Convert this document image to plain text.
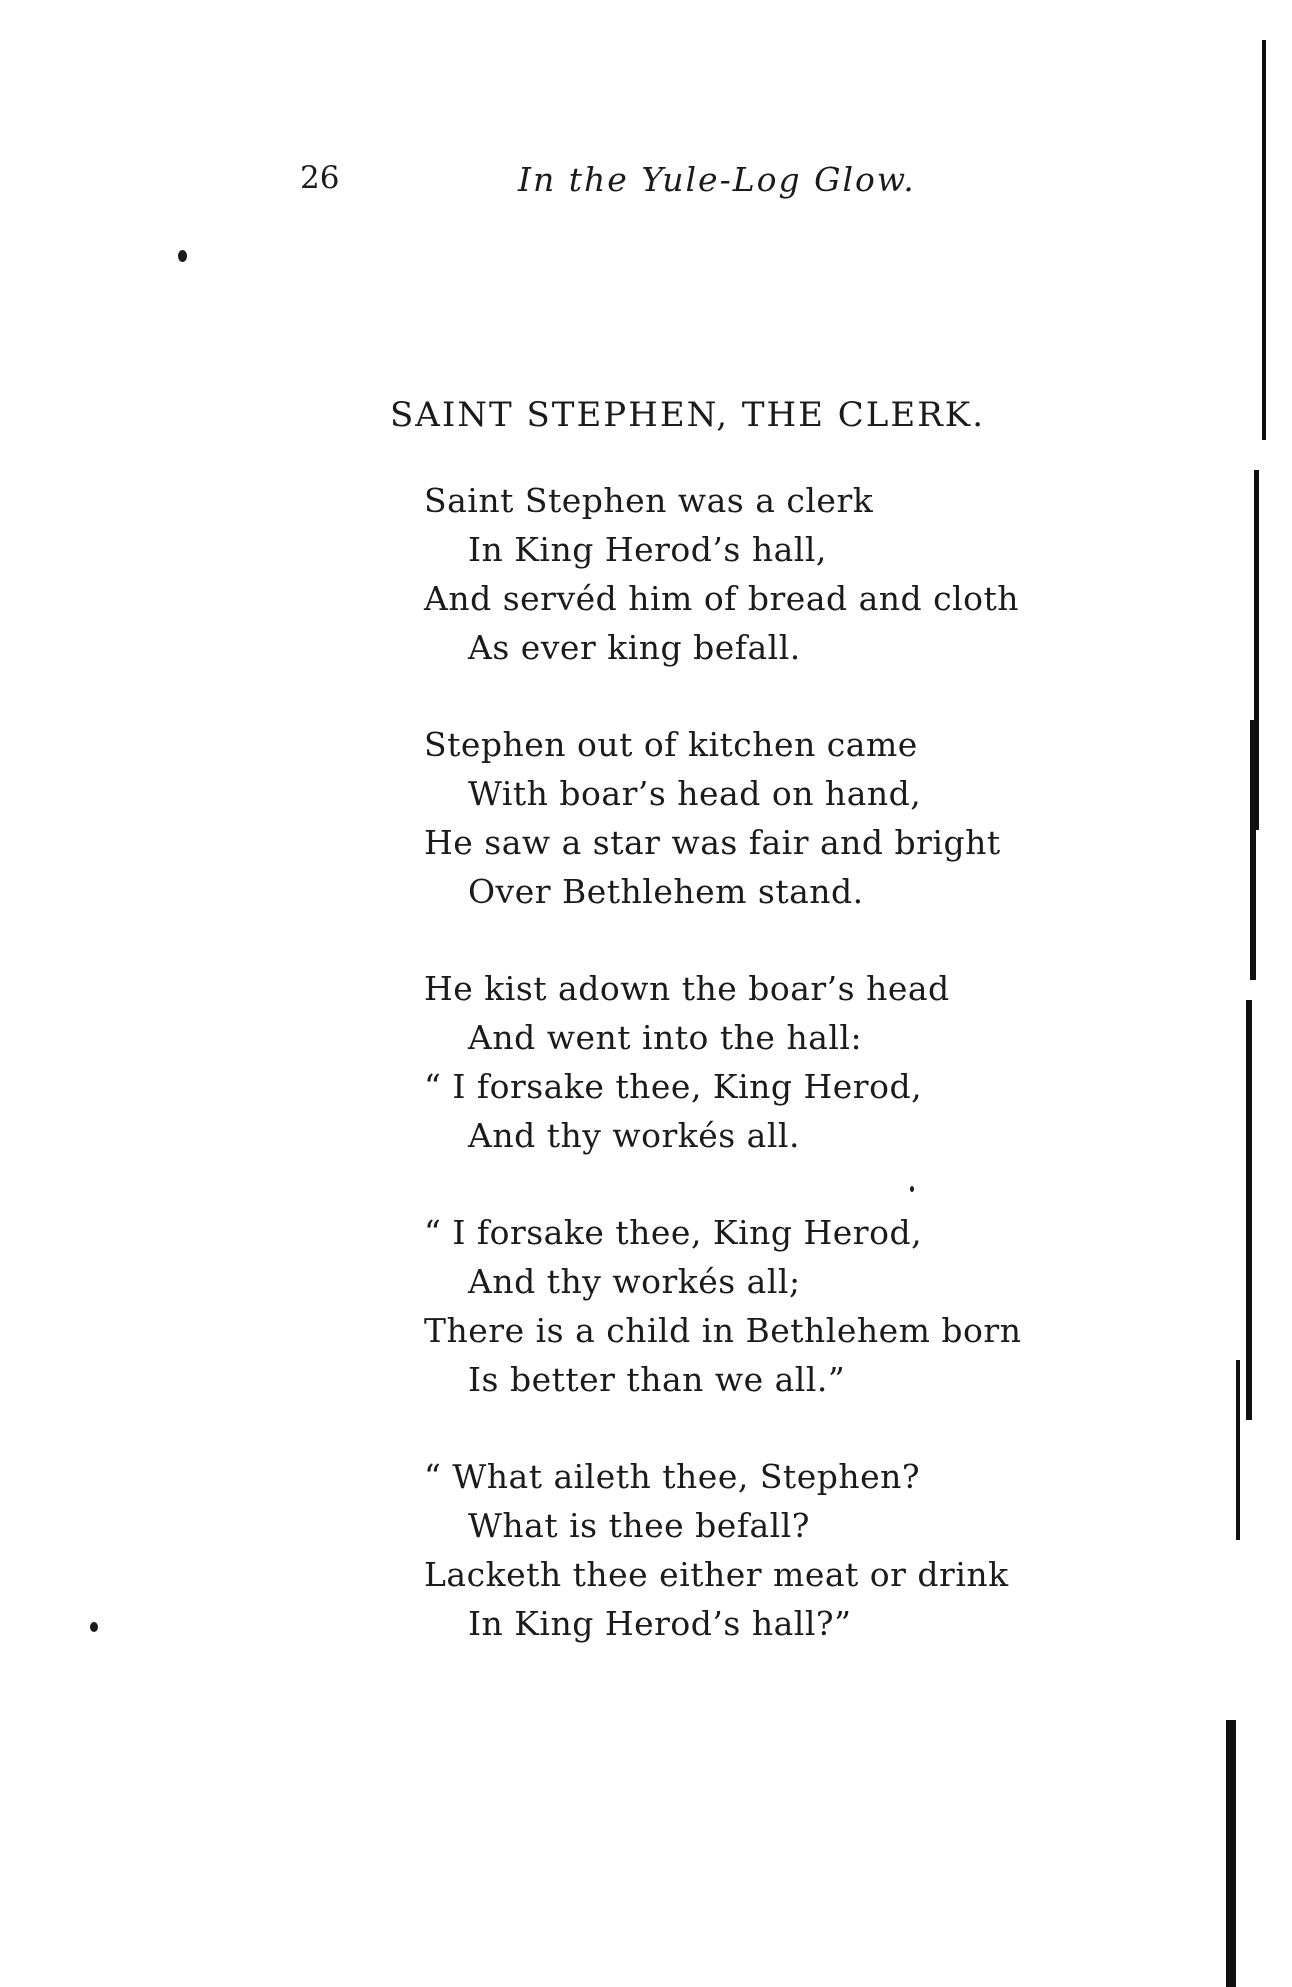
26	In the Yule-Log Glow.
SAINT STEPHEN, THE CLERK.
Saint Stephen was a clerk
In King Herod’s hall,
And servéd him of bread and cloth
As ever king befall.
Stephen out of kitchen came
With boar’s head on hand,
He saw a star was fair and bright
Over Bethlehem stand.
He kist adown the boar’s head
And went into the hall:
“ I forsake thee, King Herod,
And thy workés all.
“ I forsake thee, King Herod,
And thy workés all;
There is a child in Bethlehem born
Is better than we all.”
“ What aileth thee, Stephen?
What is thee befall?
Lacketh thee either meat or drink
In King Herod’s hall?”
